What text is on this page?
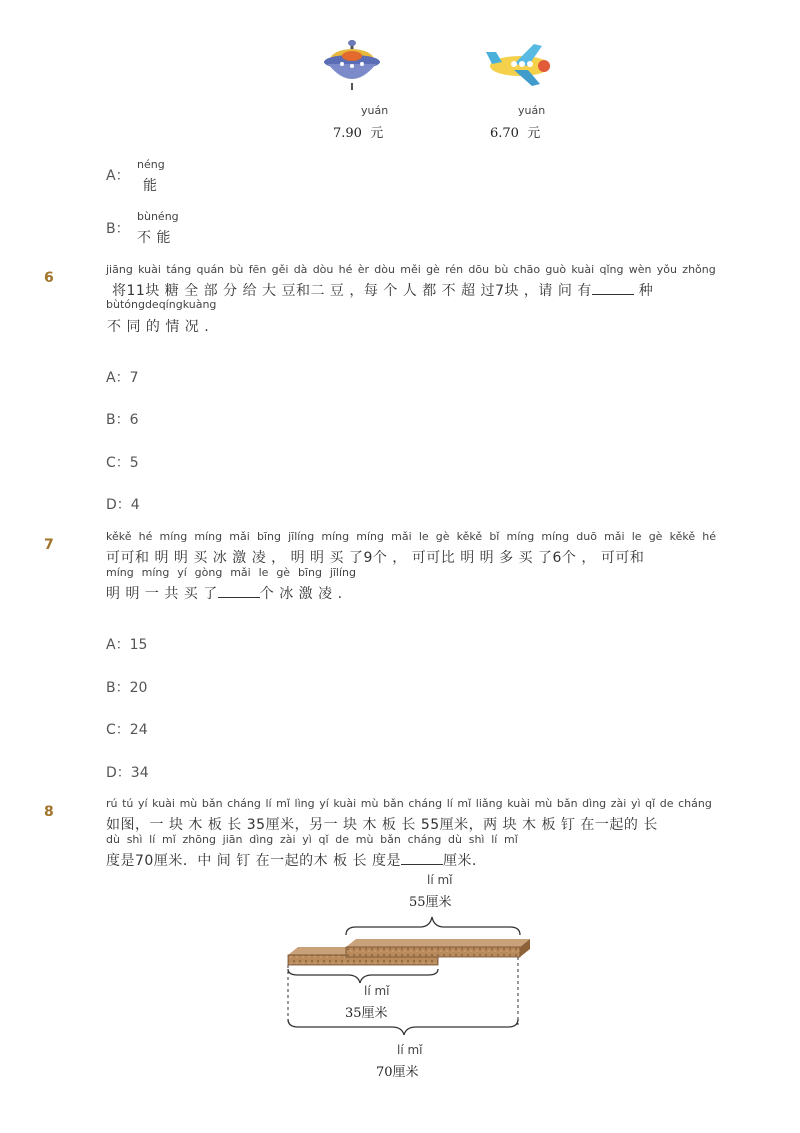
yuán
7.90 元
yuán
6.70 元
A：
néng
能
B：
bùnéng
不 能
6
jiāng kuài táng quán bù fēn gěi dà dòu hé èr dòu měi gè rén dōu bù chāo guò kuài qǐng wèn yǒu zhǒng
将11块 糖 全 部 分 给 大 豆和二 豆 ，每 个 人 都 不 超 过7块 ，请 问 有	种
bùtóngdeqíngkuàng
不 同 的 情 况 .
A：7
B：6
C：5
D：4
7
kěkě hé míng míng mǎi bīng jīlíng míng míng mǎi le gè kěkě bǐ míng míng duō mǎi le gè kěkě hé
可可和 明 明 买 冰 激 凌 ， 明 明 买 了9个 ， 可可比 明 明 多 买 了6个 ， 可可和
míng míng yí gòng mǎi le gè bīng jīlíng
明 明 一 共 买 了	个 冰 激 凌 .
A：15
B：20
C：24
D：34
8
rú tú yí kuài mù bǎn cháng lí mǐ lìng yí kuài mù bǎn cháng lí mǐ liǎng kuài mù bǎn dìng zài yì qǐ de cháng
如图，一 块 木 板 长 35厘米，另一 块 木 板 长 55厘米，两 块 木 板 钉 在一起的 长
dù shì lí mǐ zhōng jiān dìng zài yì qǐ de mù bǎn cháng dù shì lí mǐ
度是70厘米．中 间 钉 在一起的木 板 长 度是	厘米．
lí mǐ
55厘米
lí mǐ
35厘米
lí mǐ
70厘米
